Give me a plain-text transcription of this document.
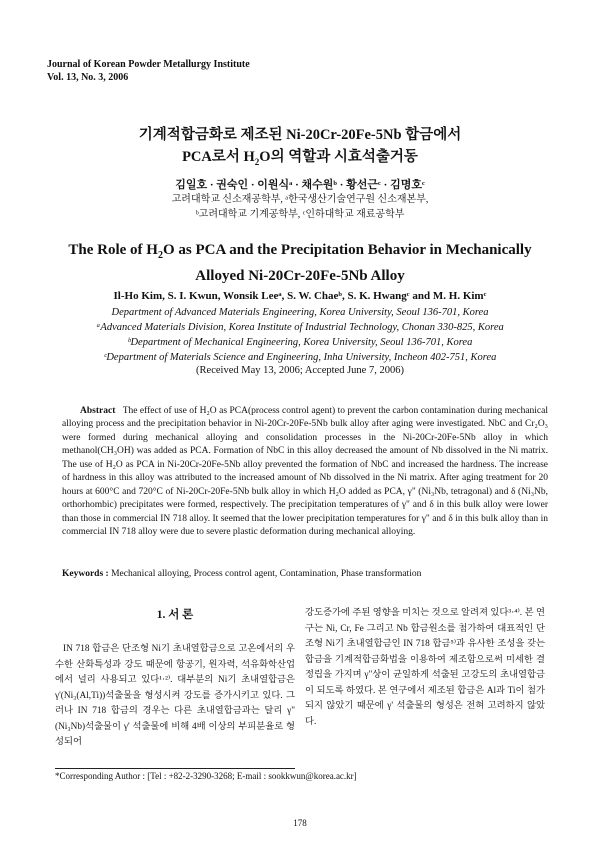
Journal of Korean Powder Metallurgy Institute
Vol. 13, No. 3, 2006
기계적합금화로 제조된 Ni-20Cr-20Fe-5Nb 합금에서
PCA로서 $H_2O$의 역할과 시효석출거동
김일호 · 권숙인 · 이원식ᵃ · 채수원ᵇ · 황선근ᶜ · 김명호ᶜ
고려대학교 신소재공학부, ᵃ한국생산기술연구원 신소재본부,
ᵇ고려대학교 기계공학부, ᶜ인하대학교 재료공학부
The Role of $H_2O$ as PCA and the Precipitation Behavior in Mechanically
Alloyed Ni-20Cr-20Fe-5Nb Alloy
Il-Ho Kim, S. I. Kwun, Wonsik Leeᵃ, S. W. Chaeᵇ, S. K. Hwangᶜ and M. H. Kimᶜ
Department of Advanced Materials Engineering, Korea University, Seoul 136-701, Korea
ᵃAdvanced Materials Division, Korea Institute of Industrial Technology, Chonan 330-825, Korea
ᵇDepartment of Mechanical Engineering, Korea University, Seoul 136-701, Korea
ᶜDepartment of Materials Science and Engineering, Inha University, Incheon 402-751, Korea
(Received May 13, 2006; Accepted June 7, 2006)
Abstract The effect of use of H₂O as PCA(process control agent) to prevent the carbon contamination during mechanical alloying process and the precipitation behavior in Ni-20Cr-20Fe-5Nb bulk alloy after aging were investigated. NbC and Cr₂O₃ were formed during mechanical alloying and consolidation processes in the Ni-20Cr-20Fe-5Nb alloy in which methanol(CH₃OH) was added as PCA. Formation of NbC in this alloy decreased the amount of Nb dissolved in the Ni matrix. The use of H₂O as PCA in Ni-20Cr-20Fe-5Nb alloy prevented the formation of NbC and increased the hardness. The increase of hardness in this alloy was attributed to the increased amount of Nb dissolved in the Ni matrix. After aging treatment for 20 hours at 600°C and 720°C of Ni-20Cr-20Fe-5Nb bulk alloy in which H₂O added as PCA, γ" (Ni₃Nb, tetragonal) and δ (Ni₃Nb, orthorhombic) precipitates were formed, respectively. The precipitation temperatures of γ" and δ in this bulk alloy were lower than those in commercial IN 718 alloy. It seemed that the lower precipitation temperatures for γ" and δ in this bulk alloy than in commercial IN 718 alloy were due to severe plastic deformation during mechanical alloying.
Keywords : Mechanical alloying, Process control agent, Contamination, Phase transformation
1. 서 론
IN 718 합금은 단조형 Ni기 초내열합금으로 고온에서의 우수한 산화특성과 강도 때문에 항공기, 원자력, 석유화학산업에서 널리 사용되고 있다¹·²⁾. 대부분의 Ni기 초내열합금은 γ'(Ni₃(Al,Ti))석출물을 형성시켜 강도를 증가시키고 있다. 그러나 IN 718 합금의 경우는 다른 초내열합금과는 달리 γ"(Ni₃Nb)석출물이 γ' 석출물에 비해 4배 이상의 부피분율로 형성되어
강도증가에 주된 영향을 미치는 것으로 알려져 있다³·⁴⁾. 본 연구는 Ni, Cr, Fe 그리고 Nb 합금원소를 첨가하여 대표적인 단조형 Ni기 초내열합금인 IN 718 합금⁵⁾과 유사한 조성을 갖는 합금을 기계적합금화법을 이용하여 제조함으로써 미세한 결정립을 가지며 γ"상이 균일하게 석출된 고강도의 초내열합금이 되도록 하였다. 본 연구에서 제조된 합금은 Al과 Ti이 첨가되지 않았기 때문에 γ' 석출물의 형성은 전혀 고려하지 않았다.
*Corresponding Author : [Tel : +82-2-3290-3268; E-mail : sookkwun@korea.ac.kr]
178
